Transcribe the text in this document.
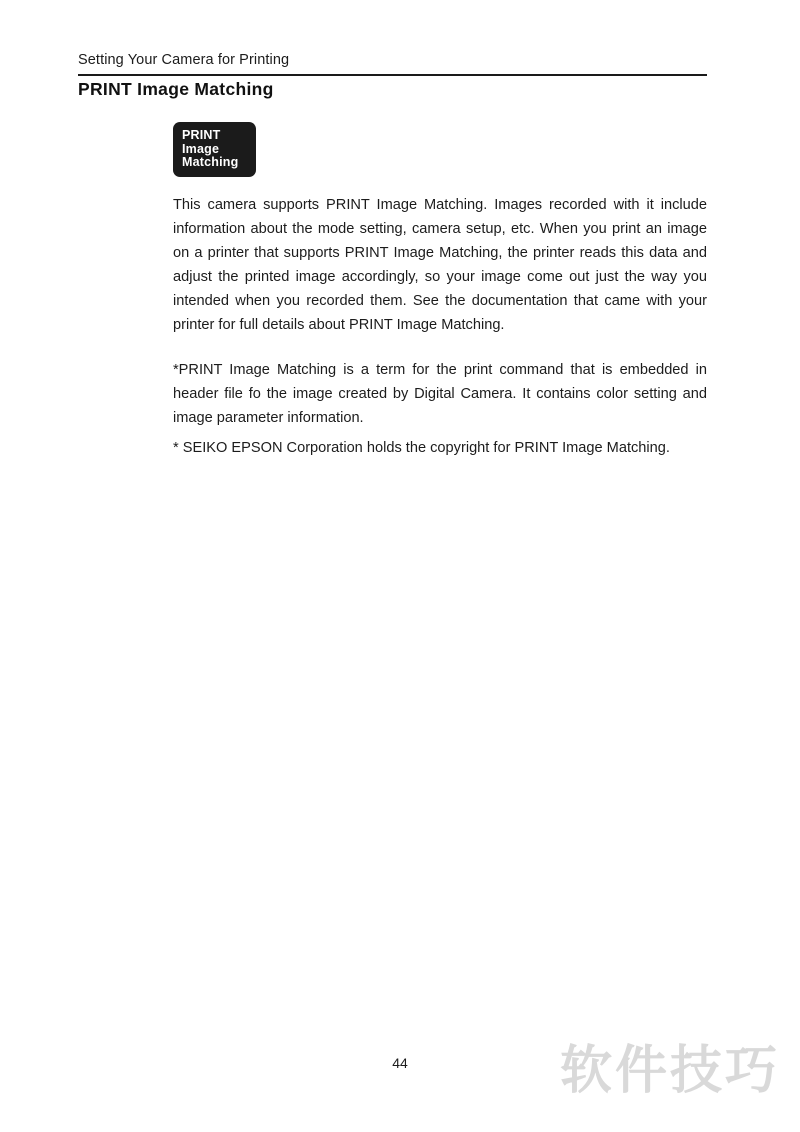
Setting Your Camera for Printing
PRINT Image Matching
PRINT
Image
Matching

This camera supports PRINT Image Matching. Images recorded with it include information about the mode setting, camera setup, etc. When you print an image on a printer that supports PRINT Image Matching, the printer reads this data and adjust the printed image accordingly, so your image come out just the way you intended when you recorded them. See the documentation that came with your printer for full details about PRINT Image Matching.

*PRINT Image Matching is a term for the print command that is embedded in header file fo the image created by Digital Camera. It contains color setting and image parameter information.

* SEIKO EPSON Corporation holds the copyright for PRINT Image Matching.

44	软件技巧
